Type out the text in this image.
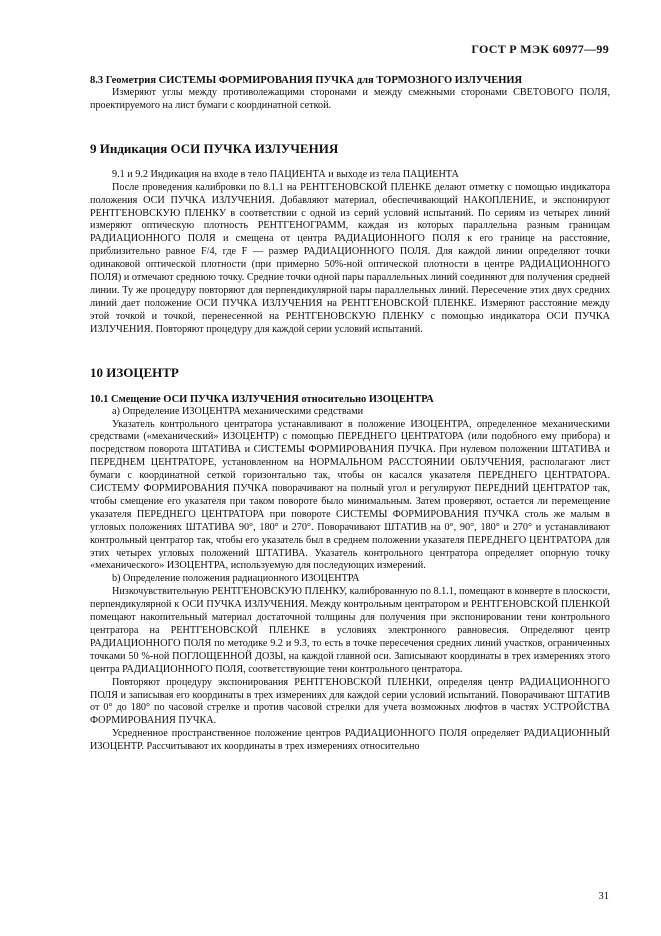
ГОСТ Р МЭК 60977—99

8.3 Геометрия СИСТЕМЫ ФОРМИРОВАНИЯ ПУЧКА для ТОРМОЗНОГО ИЗЛУЧЕНИЯ

Измеряют углы между противолежащими сторонами и между смежными сторонами СВЕТОВОГО ПОЛЯ, проектируемого на лист бумаги с координатной сеткой.

9 Индикация ОСИ ПУЧКА ИЗЛУЧЕНИЯ

9.1 и 9.2 Индикация на входе в тело ПАЦИЕНТА и выходе из тела ПАЦИЕНТА

После проведения калибровки по 8.1.1 на РЕНТГЕНОВСКОЙ ПЛЕНКЕ делают отметку с помощью индикатора положения ОСИ ПУЧКА ИЗЛУЧЕНИЯ. Добавляют материал, обеспечивающий НАКОПЛЕНИЕ, и экспонируют РЕНТГЕНОВСКУЮ ПЛЕНКУ в соответствии с одной из серий условий испытаний. По сериям из четырех линий измеряют оптическую плотность РЕНТГЕНОГРАММ, каждая из которых параллельна разным границам РАДИАЦИОННОГО ПОЛЯ и смещена от центра РАДИАЦИОННОГО ПОЛЯ к его границе на расстояние, приблизительно равное F/4, где F — размер РАДИАЦИОННОГО ПОЛЯ. Для каждой линии определяют точки одинаковой оптической плотности (при примерно 50%-ной оптической плотности в центре РАДИАЦИОННОГО ПОЛЯ) и отмечают среднюю точку. Средние точки одной пары параллельных линий соединяют для получения средней линии. Ту же процедуру повторяют для перпендикулярной пары параллельных линий. Пересечение этих двух средних линий дает положение ОСИ ПУЧКА ИЗЛУЧЕНИЯ на РЕНТГЕНОВСКОЙ ПЛЕНКЕ. Измеряют расстояние между этой точкой и точкой, перенесенной на РЕНТГЕНОВСКУЮ ПЛЕНКУ с помощью индикатора ОСИ ПУЧКА ИЗЛУЧЕНИЯ. Повторяют процедуру для каждой серии условий испытаний.

10 ИЗОЦЕНТР

10.1 Смещение ОСИ ПУЧКА ИЗЛУЧЕНИЯ относительно ИЗОЦЕНТРА

а) Определение ИЗОЦЕНТРА механическими средствами

Указатель контрольного центратора устанавливают в положение ИЗОЦЕНТРА, определенное механическими средствами («механический» ИЗОЦЕНТР) с помощью ПЕРЕДНЕГО ЦЕНТРАТОРА (или подобного ему прибора) и посредством поворота ШТАТИВА и СИСТЕМЫ ФОРМИРОВАНИЯ ПУЧКА. При нулевом положении ШТАТИВА и ПЕРЕДНЕМ ЦЕНТРАТОРЕ, установленном на НОРМАЛЬНОМ РАССТОЯНИИ ОБЛУЧЕНИЯ, располагают лист бумаги с координатной сеткой горизонтально так, чтобы он касался указателя ПЕРЕДНЕГО ЦЕНТРАТОРА. СИСТЕМУ ФОРМИРОВАНИЯ ПУЧКА поворачивают на полный угол и регулируют ПЕРЕДНИЙ ЦЕНТРАТОР так, чтобы смещение его указателя при таком повороте было минимальным. Затем проверяют, остается ли перемещение указателя ПЕРЕДНЕГО ЦЕНТРАТОРА при повороте СИСТЕМЫ ФОРМИРОВАНИЯ ПУЧКА столь же малым в угловых положениях ШТАТИВА 90°, 180° и 270°. Поворачивают ШТАТИВ на 0°, 90°, 180° и 270° и устанавливают контрольный центратор так, чтобы его указатель был в среднем положении указателя ПЕРЕДНЕГО ЦЕНТРАТОРА для этих четырех угловых положений ШТАТИВА. Указатель контрольного центратора определяет опорную точку «механического» ИЗОЦЕНТРА, используемую для последующих измерений.

b) Определение положения радиационного ИЗОЦЕНТРА

Низкочувствительную РЕНТГЕНОВСКУЮ ПЛЕНКУ, калиброванную по 8.1.1, помещают в конверте в плоскости, перпендикулярной к ОСИ ПУЧКА ИЗЛУЧЕНИЯ. Между контрольным центратором и РЕНТГЕНОВСКОЙ ПЛЕНКОЙ помещают накопительный материал достаточной толщины для получения при экспонировании тени контрольного центратора на РЕНТГЕНОВСКОЙ ПЛЕНКЕ в условиях электронного равновесия. Определяют центр РАДИАЦИОННОГО ПОЛЯ по методике 9.2 и 9.3, то есть в точке пересечения средних линий участков, ограниченных точками 50 %-ной ПОГЛОЩЕННОЙ ДОЗЫ, на каждой главной оси. Записывают координаты в трех измерениях этого центра РАДИАЦИОННОГО ПОЛЯ, соответствующие тени контрольного центратора.

Повторяют процедуру экспонирования РЕНТГЕНОВСКОЙ ПЛЕНКИ, определяя центр РАДИАЦИОННОГО ПОЛЯ и записывая его координаты в трех измерениях для каждой серии условий испытаний. Поворачивают ШТАТИВ от 0° до 180° по часовой стрелке и против часовой стрелки для учета возможных люфтов в частях УСТРОЙСТВА ФОРМИРОВАНИЯ ПУЧКА.

Усредненное пространственное положение центров РАДИАЦИОННОГО ПОЛЯ определяет РАДИАЦИОННЫЙ ИЗОЦЕНТР. Рассчитывают их координаты в трех измерениях относительно

31
